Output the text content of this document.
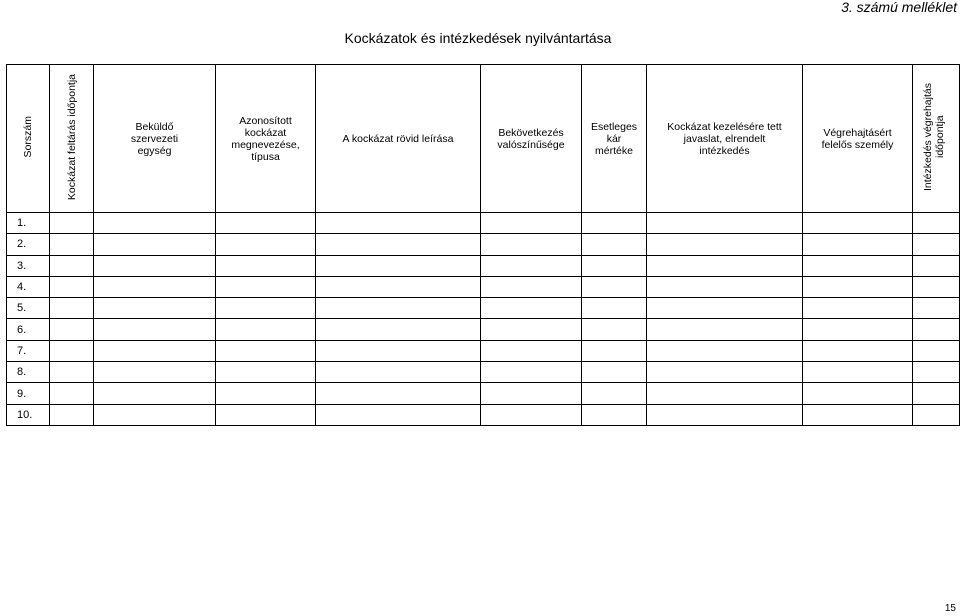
3. számú melléklet
Kockázatok és intézkedések nyilvántartása
Sorszám	Kockázat feltárás időpontja	Beküldő szervezeti egység	Azonosított kockázat megnevezése, típusa	A kockázat rövid leírása	Bekövetkezés valószínűsége	Esetleges kár mértéke	Kockázat kezelésére tett javaslat, elrendelt intézkedés	Végrehajtásért felelős személy	Intézkedés végrehajtás időpontja
1.									
2.									
3.									
4.									
5.									
6.									
7.									
8.									
9.									
10.									
15
